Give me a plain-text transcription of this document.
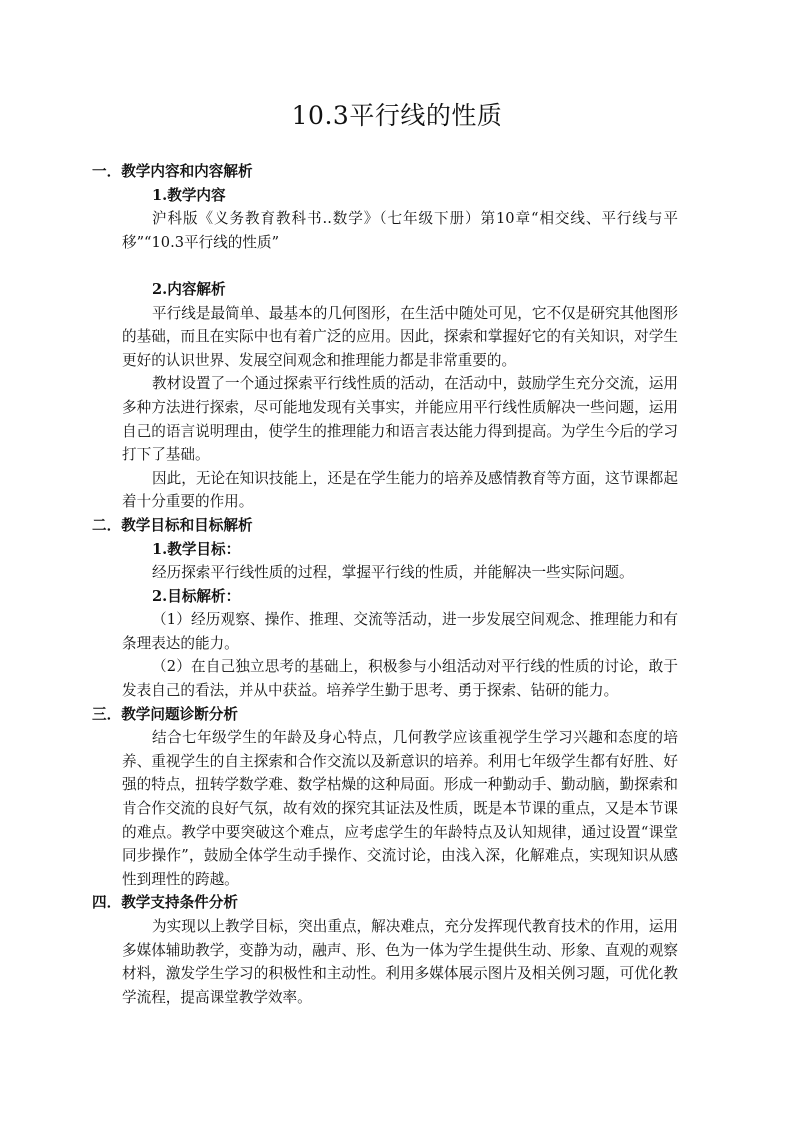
10.3平行线的性质

一．教学内容和内容解析

1.教学内容

沪科版《义务教育教科书..数学》（七年级下册）第10章“相交线、平行线与平移”“10.3平行线的性质”

2.内容解析

平行线是最简单、最基本的几何图形，在生活中随处可见，它不仅是研究其他图形的基础，而且在实际中也有着广泛的应用。因此，探索和掌握好它的有关知识，对学生更好的认识世界、发展空间观念和推理能力都是非常重要的。

教材设置了一个通过探索平行线性质的活动，在活动中，鼓励学生充分交流，运用多种方法进行探索，尽可能地发现有关事实，并能应用平行线性质解决一些问题，运用自己的语言说明理由，使学生的推理能力和语言表达能力得到提高。为学生今后的学习打下了基础。

因此，无论在知识技能上，还是在学生能力的培养及感情教育等方面，这节课都起着十分重要的作用。

二．教学目标和目标解析

1.教学目标：

经历探索平行线性质的过程，掌握平行线的性质，并能解决一些实际问题。

2.目标解析：

（1）经历观察、操作、推理、交流等活动，进一步发展空间观念、推理能力和有条理表达的能力。

（2）在自己独立思考的基础上，积极参与小组活动对平行线的性质的讨论，敢于发表自己的看法，并从中获益。培养学生勤于思考、勇于探索、钻研的能力。

三．教学问题诊断分析

结合七年级学生的年龄及身心特点，几何教学应该重视学生学习兴趣和态度的培养、重视学生的自主探索和合作交流以及新意识的培养。利用七年级学生都有好胜、好强的特点，扭转学数学难、数学枯燥的这种局面。形成一种勤动手、勤动脑，勤探索和肯合作交流的良好气氛，故有效的探究其证法及性质，既是本节课的重点，又是本节课的难点。教学中要突破这个难点，应考虑学生的年龄特点及认知规律，通过设置“课堂同步操作”，鼓励全体学生动手操作、交流讨论，由浅入深，化解难点，实现知识从感性到理性的跨越。

四．教学支持条件分析

为实现以上教学目标，突出重点，解决难点，充分发挥现代教育技术的作用，运用多媒体辅助教学，变静为动，融声、形、色为一体为学生提供生动、形象、直观的观察材料，激发学生学习的积极性和主动性。利用多媒体展示图片及相关例习题，可优化教学流程，提高课堂教学效率。
